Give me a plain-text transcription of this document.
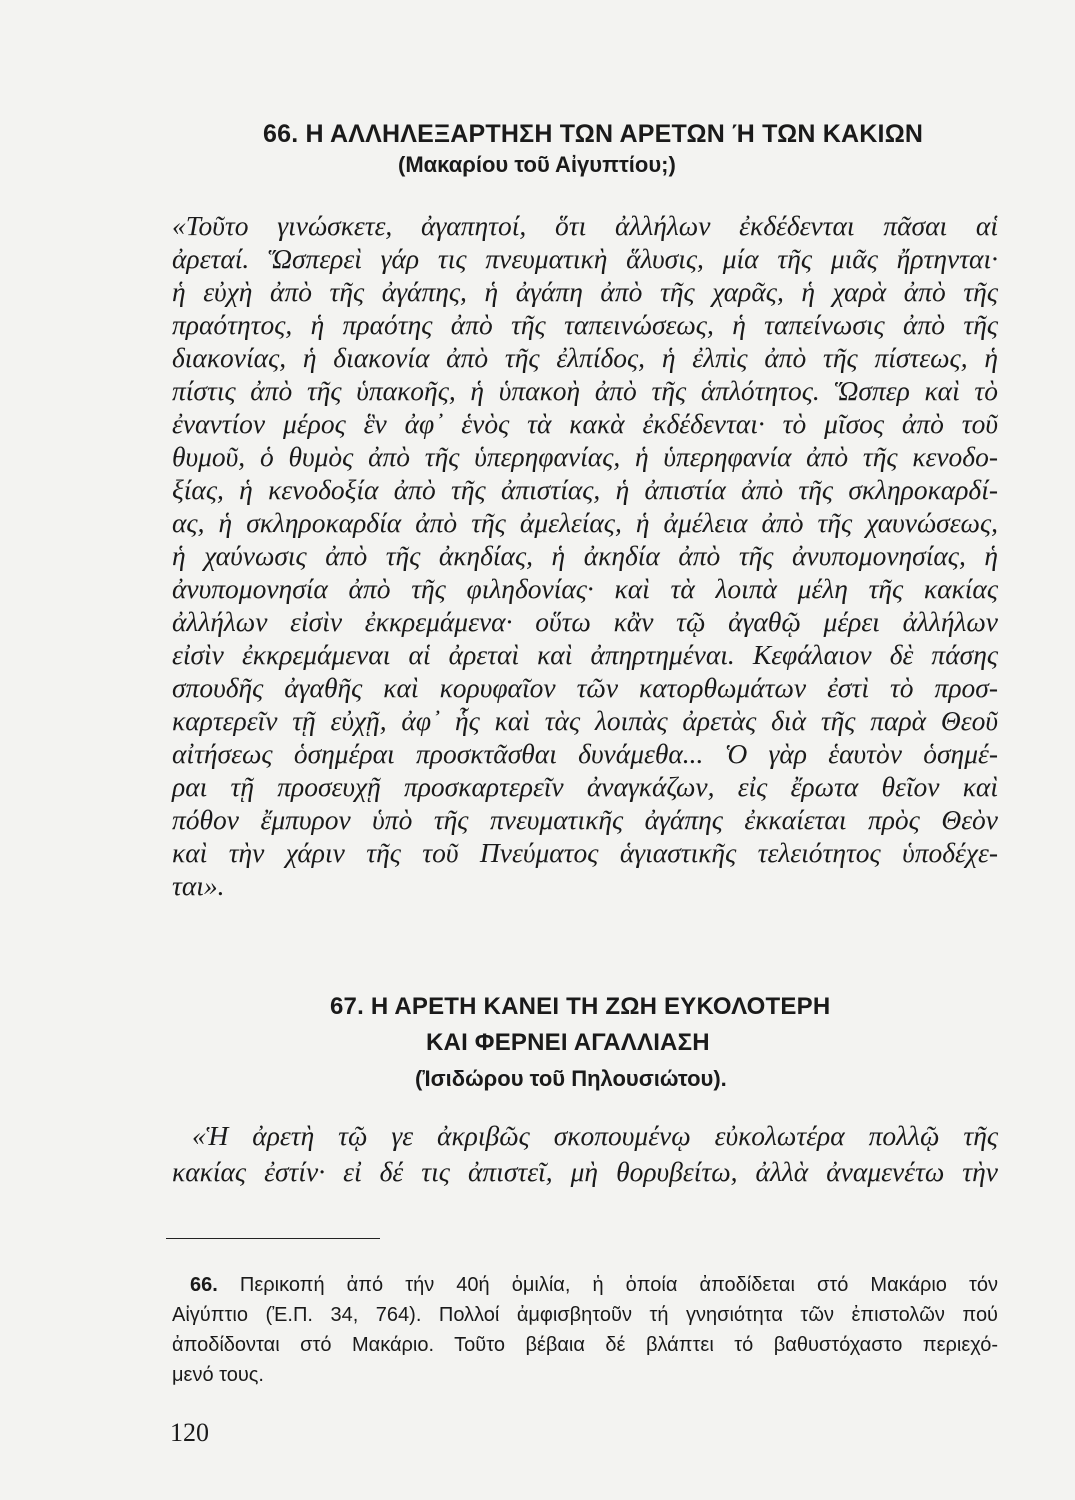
66. Η ΑΛΛΗΛΕΞΑΡΤΗΣΗ ΤΩΝ ΑΡΕΤΩΝ Ή ΤΩΝ ΚΑΚΙΩΝ
(Μακαρίου τοῦ Αἰγυπτίου;)
«Τοῦτο γινώσκετε, ἀγαπητοί, ὅτι ἀλλήλων ἐκδέδενται πᾶσαι αἱ
ἀρεταί. Ὥσπερεὶ γάρ τις πνευματικὴ ἅλυσις, μία τῆς μιᾶς ἤρτηνται·
ἡ εὐχὴ ἀπὸ τῆς ἀγάπης, ἡ ἀγάπη ἀπὸ τῆς χαρᾶς, ἡ χαρὰ ἀπὸ τῆς
πραότητος, ἡ πραότης ἀπὸ τῆς ταπεινώσεως, ἡ ταπείνωσις ἀπὸ τῆς
διακονίας, ἡ διακονία ἀπὸ τῆς ἐλπίδος, ἡ ἐλπὶς ἀπὸ τῆς πίστεως, ἡ
πίστις ἀπὸ τῆς ὑπακοῆς, ἡ ὑπακοὴ ἀπὸ τῆς ἁπλότητος. Ὥσπερ καὶ τὸ
ἐναντίον μέρος ἓν ἀφ᾽ ἑνὸς τὰ κακὰ ἐκδέδενται· τὸ μῖσος ἀπὸ τοῦ
θυμοῦ, ὁ θυμὸς ἀπὸ τῆς ὑπερηφανίας, ἡ ὑπερηφανία ἀπὸ τῆς κενοδο-
ξίας, ἡ κενοδοξία ἀπὸ τῆς ἀπιστίας, ἡ ἀπιστία ἀπὸ τῆς σκληροκαρδί-
ας, ἡ σκληροκαρδία ἀπὸ τῆς ἀμελείας, ἡ ἀμέλεια ἀπὸ τῆς χαυνώσεως,
ἡ χαύνωσις ἀπὸ τῆς ἀκηδίας, ἡ ἀκηδία ἀπὸ τῆς ἀνυπομονησίας, ἡ
ἀνυπομονησία ἀπὸ τῆς φιληδονίας· καὶ τὰ λοιπὰ μέλη τῆς κακίας
ἀλλήλων εἰσὶν ἐκκρεμάμενα· οὕτω κἂν τῷ ἀγαθῷ μέρει ἀλλήλων
εἰσὶν ἐκκρεμάμεναι αἱ ἀρεταὶ καὶ ἀπηρτημέναι. Κεφάλαιον δὲ πάσης
σπουδῆς ἀγαθῆς καὶ κορυφαῖον τῶν κατορθωμάτων ἐστὶ τὸ προσ-
καρτερεῖν τῇ εὐχῇ, ἀφ᾽ ἧς καὶ τὰς λοιπὰς ἀρετὰς διὰ τῆς παρὰ Θεοῦ
αἰτήσεως ὁσημέραι προσκτᾶσθαι δυνάμεθα... Ὁ γὰρ ἑαυτὸν ὁσημέ-
ραι τῇ προσευχῇ προσκαρτερεῖν ἀναγκάζων, εἰς ἔρωτα θεῖον καὶ
πόθον ἔμπυρον ὑπὸ τῆς πνευματικῆς ἀγάπης ἐκκαίεται πρὸς Θεὸν
καὶ τὴν χάριν τῆς τοῦ Πνεύματος ἁγιαστικῆς τελειότητος ὑποδέχε-
ται».
67. Η ΑΡΕΤΗ ΚΑΝΕΙ ΤΗ ΖΩΗ ΕΥΚΟΛΟΤΕΡΗ
ΚΑΙ ΦΕΡΝΕΙ ΑΓΑΛΛΙΑΣΗ
(Ἰσιδώρου τοῦ Πηλουσιώτου).
«Ἡ ἀρετὴ τῷ γε ἀκριβῶς σκοπουμένῳ εὐκολωτέρα πολλῷ τῆς
κακίας ἐστίν· εἰ δέ τις ἀπιστεῖ, μὴ θορυβείτω, ἀλλὰ ἀναμενέτω τὴν
66. Περικοπή ἀπό τήν 40ή ὁμιλία, ἡ ὁποία ἀποδίδεται στό Μακάριο τόν
Αἰγύπτιο (Ἐ.Π. 34, 764). Πολλοί ἀμφισβητοῦν τή γνησιότητα τῶν ἐπιστολῶν πού
ἀποδίδονται στό Μακάριο. Τοῦτο βέβαια δέ βλάπτει τό βαθυστόχαστο περιεχό-
μενό τους.
120
